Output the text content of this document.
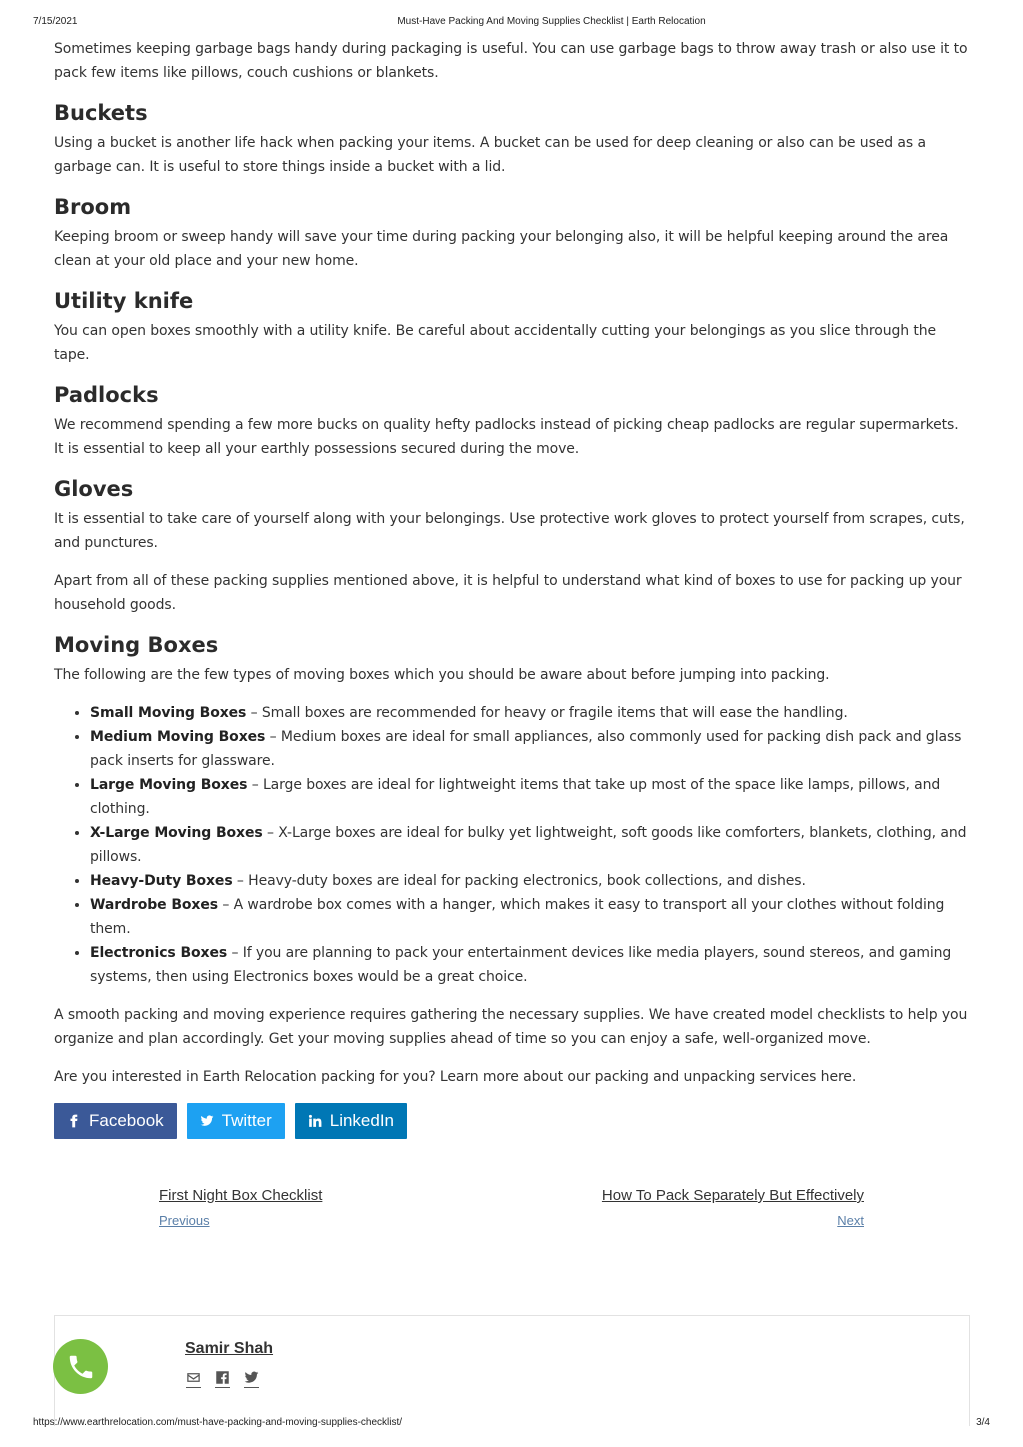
7/15/2021	Must-Have Packing And Moving Supplies Checklist | Earth Relocation

Sometimes keeping garbage bags handy during packaging is useful. You can use garbage bags to throw away trash or also use it to pack few items like pillows, couch cushions or blankets.

Buckets

Using a bucket is another life hack when packing your items. A bucket can be used for deep cleaning or also can be used as a garbage can. It is useful to store things inside a bucket with a lid.

Broom

Keeping broom or sweep handy will save your time during packing your belonging also, it will be helpful keeping around the area clean at your old place and your new home.

Utility knife

You can open boxes smoothly with a utility knife. Be careful about accidentally cutting your belongings as you slice through the tape.

Padlocks

We recommend spending a few more bucks on quality hefty padlocks instead of picking cheap padlocks are regular supermarkets. It is essential to keep all your earthly possessions secured during the move.

Gloves

It is essential to take care of yourself along with your belongings. Use protective work gloves to protect yourself from scrapes, cuts, and punctures.

Apart from all of these packing supplies mentioned above, it is helpful to understand what kind of boxes to use for packing up your household goods.

Moving Boxes

The following are the few types of moving boxes which you should be aware about before jumping into packing.

• Small Moving Boxes – Small boxes are recommended for heavy or fragile items that will ease the handling.
• Medium Moving Boxes – Medium boxes are ideal for small appliances, also commonly used for packing dish pack and glass pack inserts for glassware.
• Large Moving Boxes – Large boxes are ideal for lightweight items that take up most of the space like lamps, pillows, and clothing.
• X-Large Moving Boxes – X-Large boxes are ideal for bulky yet lightweight, soft goods like comforters, blankets, clothing, and pillows.
• Heavy-Duty Boxes – Heavy-duty boxes are ideal for packing electronics, book collections, and dishes.
• Wardrobe Boxes – A wardrobe box comes with a hanger, which makes it easy to transport all your clothes without folding them.
• Electronics Boxes – If you are planning to pack your entertainment devices like media players, sound stereos, and gaming systems, then using Electronics boxes would be a great choice.

A smooth packing and moving experience requires gathering the necessary supplies. We have created model checklists to help you organize and plan accordingly. Get your moving supplies ahead of time so you can enjoy a safe, well-organized move.

Are you interested in Earth Relocation packing for you? Learn more about our packing and unpacking services here.

Facebook	Twitter	LinkedIn
First Night Box Checklist
Previous
How To Pack Separately But Effectively
Next
Samir Shah
https://www.earthrelocation.com/must-have-packing-and-moving-supplies-checklist/	3/4
